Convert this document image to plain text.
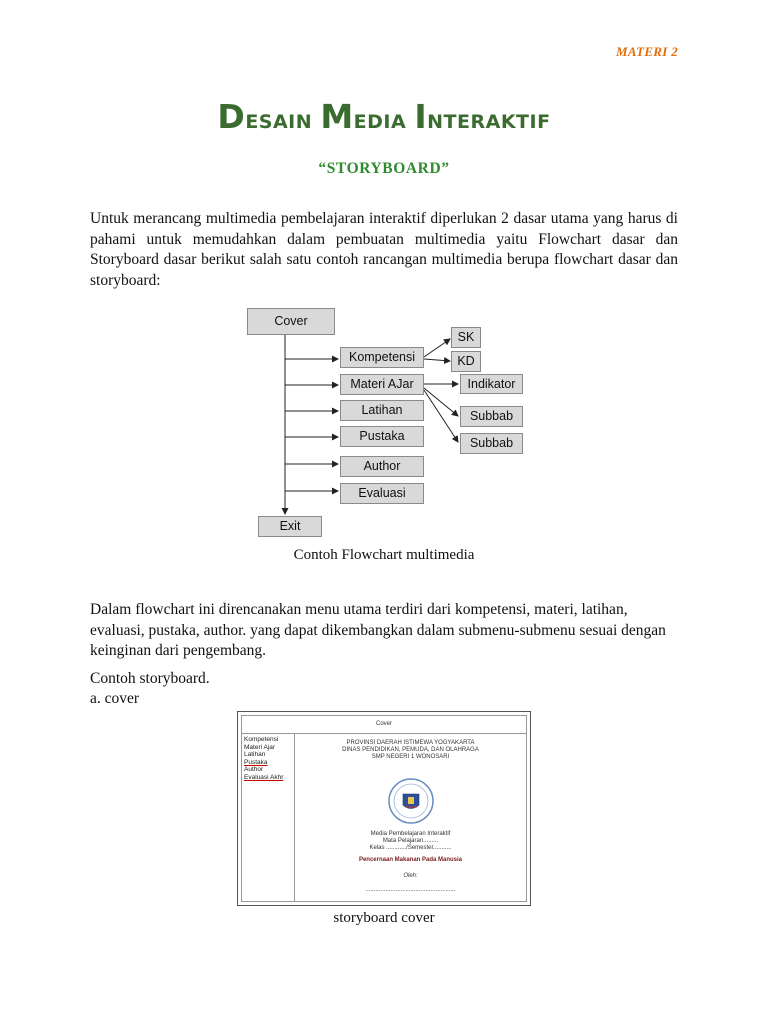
MATERI 2
DESAIN MEDIA INTERAKTIF
“STORYBOARD”
Untuk merancang multimedia pembelajaran interaktif diperlukan 2 dasar utama yang harus di pahami untuk memudahkan dalam pembuatan multimedia yaitu Flowchart dasar dan Storyboard dasar berikut salah satu contoh rancangan multimedia berupa flowchart dasar dan storyboard:
Cover
Kompetensi
Materi AJar
Latihan
Pustaka
Author
Evaluasi
Exit
SK
KD
Indikator
Subbab
Subbab
Contoh Flowchart multimedia
Dalam flowchart ini direncanakan menu utama terdiri dari kompetensi, materi, latihan, evaluasi, pustaka, author. yang dapat dikembangkan dalam submenu-submenu sesuai dengan keinginan dari pengembang.
Contoh storyboard.
a. cover
Cover
Kompetensi
Materi Ajar
Latihan
Pustaka
Author
Evaluasi Akhr
PROVINSI DAERAH ISTIMEWA YOGYAKARTA
DINAS PENDIDIKAN, PEMUDA, DAN OLAHRAGA
SMP NEGERI 1 WONOSARI
Media Pembelajaran Interaktif
Mata Pelajaran.........
Kelas ............/Semester...........
Pencernaan Makanan Pada Manusia
Oleh:
......................................................
storyboard cover
